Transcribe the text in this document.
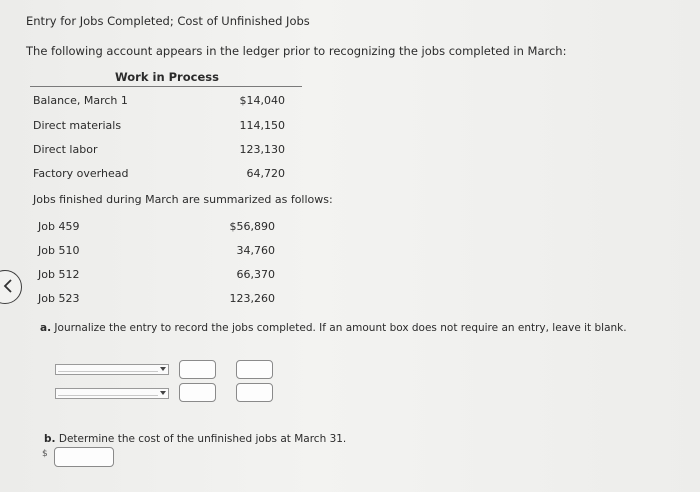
Entry for Jobs Completed; Cost of Unfinished Jobs
The following account appears in the ledger prior to recognizing the jobs completed in March:
Work in Process
Balance, March 1	$14,040
Direct materials	114,150
Direct labor	123,130
Factory overhead	64,720
Jobs finished during March are summarized as follows:
Job 459	$56,890
Job 510	34,760
Job 512	66,370
Job 523	123,260
a. Journalize the entry to record the jobs completed. If an amount box does not require an entry, leave it blank.
b. Determine the cost of the unfinished jobs at March 31.
$
